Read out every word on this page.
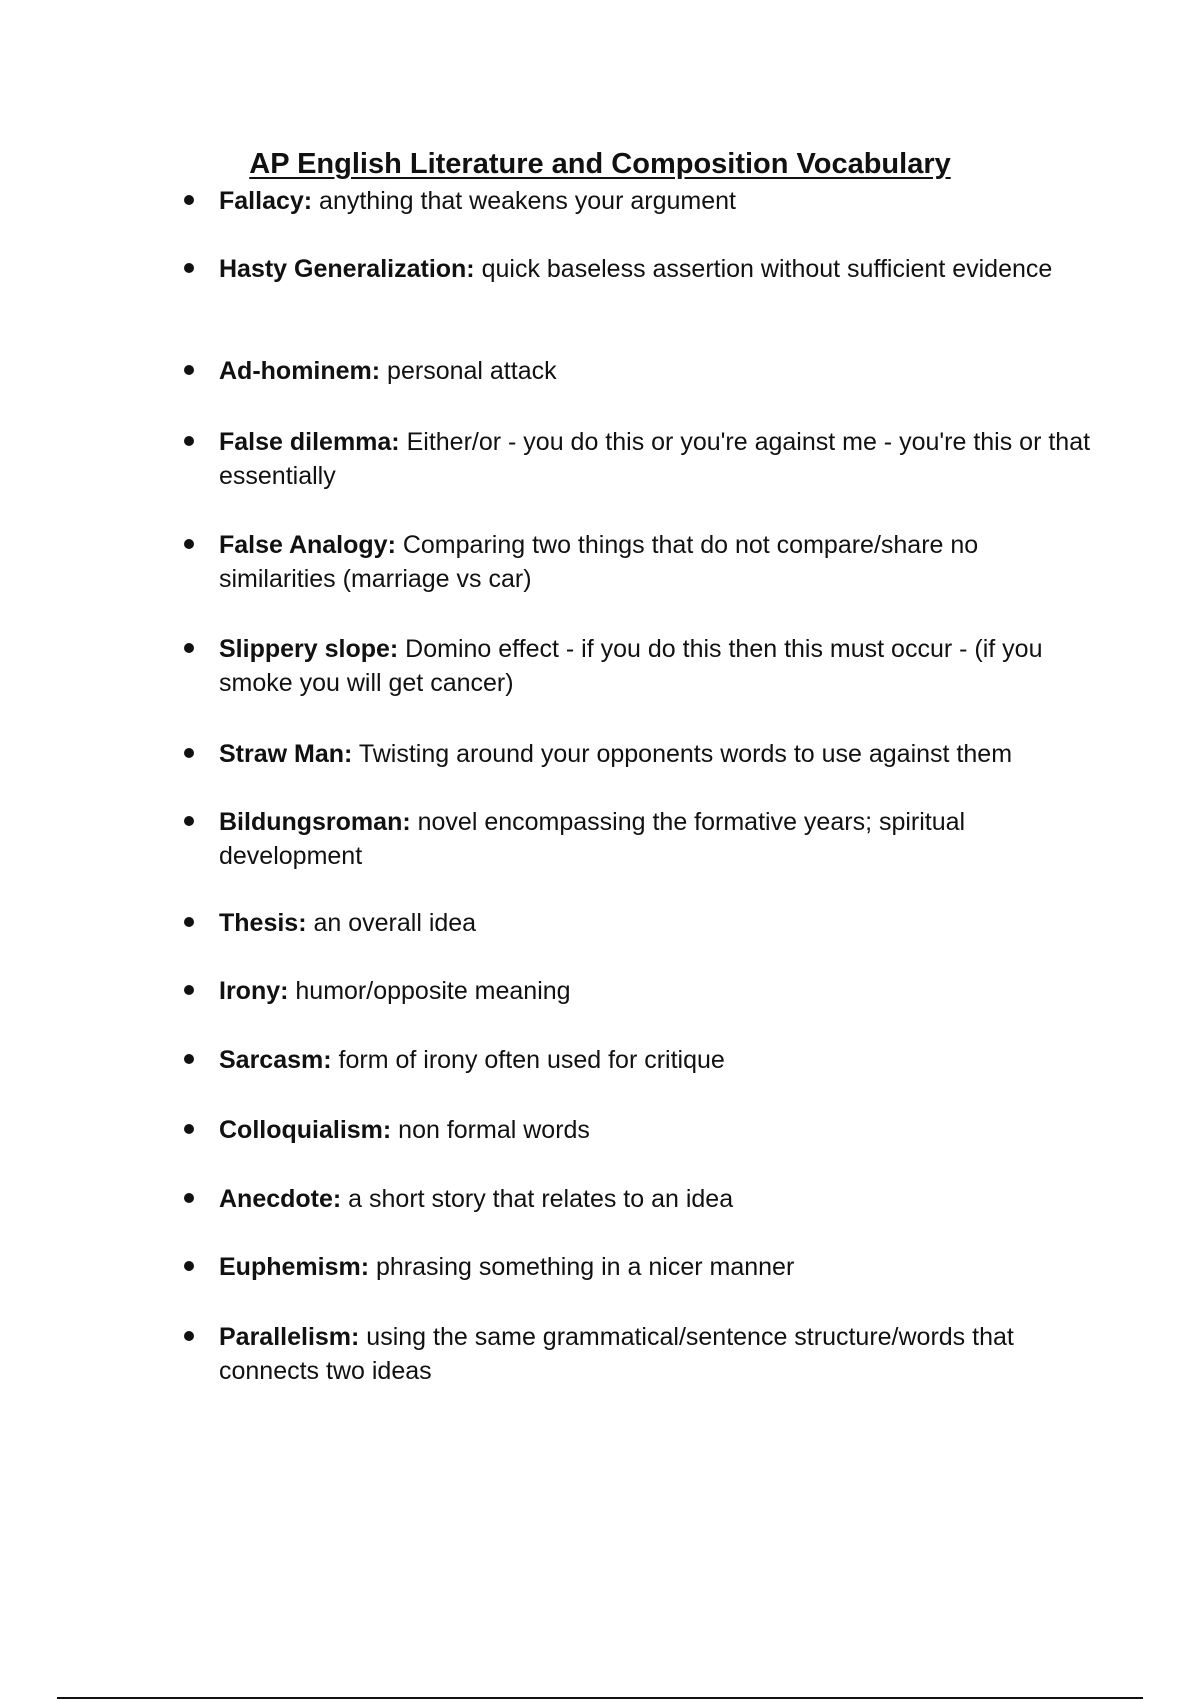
AP English Literature and Composition Vocabulary

Fallacy: anything that weakens your argument

Hasty Generalization: quick baseless assertion without sufficient evidence

Ad-hominem: personal attack

False dilemma: Either/or - you do this or you're against me - you're this or that essentially

False Analogy: Comparing two things that do not compare/share no similarities (marriage vs car)

Slippery slope: Domino effect - if you do this then this must occur - (if you smoke you will get cancer)

Straw Man: Twisting around your opponents words to use against them

Bildungsroman: novel encompassing the formative years; spiritual development

Thesis: an overall idea

Irony: humor/opposite meaning

Sarcasm: form of irony often used for critique

Colloquialism: non formal words

Anecdote: a short story that relates to an idea

Euphemism: phrasing something in a nicer manner

Parallelism: using the same grammatical/sentence structure/words that connects two ideas
